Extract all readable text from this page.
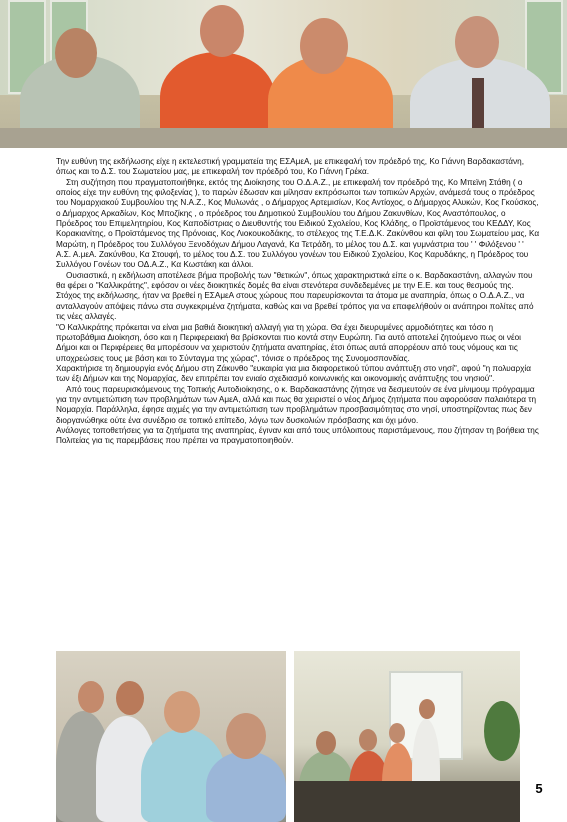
Την ευθύνη της εκδήλωσης είχε η εκτελεστική γραμματεία της ΕΣΑμεΑ, με επικεφαλή τον πρόεδρό της, Κο Γιάννη Βαρδακαστάνη, όπως και το Δ.Σ. του Σωματείου μας, με επικεφαλή τον πρόεδρό του, Κο Γιάννη Γρέκα.

Στη συζήτηση που πραγματοποιήθηκε, εκτός της Διοίκησης του Ο.Δ.Α.Ζ., με επικεφαλή τον πρόεδρό της, Κο Μπεϊνη Στάθη ( ο οποίος είχε την ευθύνη της φιλοξενίας ), το παρών έδωσαν και μίλησαν εκπρόσωποι των τοπικών Αρχών, ανάμεσά τους ο πρόεδρος του Νομαρχιακού Συμβουλίου της Ν.Α.Ζ., Κος Μυλωνάς , ο Δήμαρχος Αρτεμισίων, Κος Αντίοχος, ο Δήμαρχος Αλυκών, Κος Γκούσκος, ο Δήμαρχος Αρκαδίων, Κος Μποζίκης , ο πρόεδρος του Δημοτικού Συμβουλίου του Δήμου Ζακυνθίων, Κος Αναστόπουλος, ο Πρόεδρος του Επιμελητηρίου, Κος Καποδίστριας ο Διευθυντής του Ειδικού Σχολείου, Κος Κλάδης, ο Προϊστάμενος του ΚΕΔΔΥ, Κος Κορακιανίτης, ο Προϊστάμενος της Πρόνοιας, Κος Λιοκουκοδάκης, το στέλεχος της Τ.Ε.Δ.Κ. Ζακύνθου και φίλη του Σωματείου μας, Κα Μαρώτη, η Πρόεδρος του Συλλόγου Ξενοδόχων Δήμου Λαγανά, Κα Τετράδη, το μέλος του Δ.Σ. και γυμνάστρια του ' ' Φιλόξενου ' ' Α.Σ. Α.μεΑ. Ζακύνθου, Κα Στουφή, το μέλος του Δ.Σ. του Συλλόγου γονέων του Ειδικού Σχολείου, Κος Καρυδάκης, η Πρόεδρος του Συλλόγου Γονέων του ΟΔ.Α.Ζ., Κα Κωστάκη και άλλοι.

Ουσιαστικά, η εκδήλωση αποτέλεσε βήμα προβολής των "θετικών", όπως χαρακτηριστικά είπε ο κ. Βαρδακαστάνη, αλλαγών που θα φέρει ο "Καλλικράτης", εφόσον οι νέες διοικητικές δομές θα είναι στενότερα συνδεδεμένες με την Ε.Ε. και τους θεσμούς της.

Στόχος της εκδήλωσης, ήταν να βρεθεί η ΕΣΑμεΑ στους χώρους που παρευρίσκονται τα άτομα με αναπηρία, όπως ο Ο.Δ.Α.Ζ., να ανταλλαγούν απόψεις πάνω στα συγκεκριμένα ζητήματα, καθώς και να βρεθεί τρόπος για να επαφελήθούν οι ανάπηροι πολίτες από τις νέες αλλαγές.

"Ο Καλλικράτης πρόκειται να είναι μια βαθιά διοικητική αλλαγή για τη χώρα. Θα έχει διευρυμένες αρμοδιότητες και τόσο η πρωτοβάθμια Διοίκηση, όσο και η Περιφερειακή θα βρίσκονται πιο κοντά στην Ευρώπη. Για αυτό αποτελεί ζητούμενο πως οι νέοι Δήμοι και οι Περιφέρειες θα μπορέσουν να χειριστούν ζητήματα αναπηρίας, έτσι όπως αυτά απορρέουν από τους νόμους και τις υποχρεώσεις τους με βάση και το Σύνταγμα της χώρας", τόνισε ο πρόεδρος της Συνομοσπονδίας.

Χαρακτήρισε τη δημιουργία ενός Δήμου στη Ζάκυνθο "ευκαιρία για μια διαφορετικού τύπου ανάπτυξη στο νησί", αφού "η πολυαρχία των έξι Δήμων και της Νομαρχίας, δεν επιτρέπει τον ενιαίο σχεδιασμό κοινωνικής και οικονομικής ανάπτυξης του νησιού".

Από τους παρευρισκόμενους της Τοπικής Αυτοδιοίκησης, ο κ. Βαρδακαστάνης ζήτησε να δεσμευτούν σε ένα μίνιμουμ πρόγραμμα για την αντιμετώπιση των προβλημάτων των ΑμεΑ, αλλά και πως θα χειριστεί ο νέος Δήμος ζητήματα που αφορούσαν παλαιότερα τη Νομαρχία. Παράλληλα, έφησε αιχμές για την αντιμετώπιση των προβλημάτων προσβασιμότητας στο νησί, υποστηρίζοντας πως δεν διοργανώθηκε ούτε ένα συνέδριο σε τοπικό επίπεδο, λόγω των δυσκολιών πρόσβασης και όχι μόνο.

Ανάλογες τοποθετήσεις για τα ζητήματα της αναπηρίας, έγιναν και από τους υπόλοιπους παριστάμενους, που ζήτησαν τη βοήθεια της Πολιτείας για τις παρεμβάσεις που πρέπει να πραγματοποιηθούν.

5
